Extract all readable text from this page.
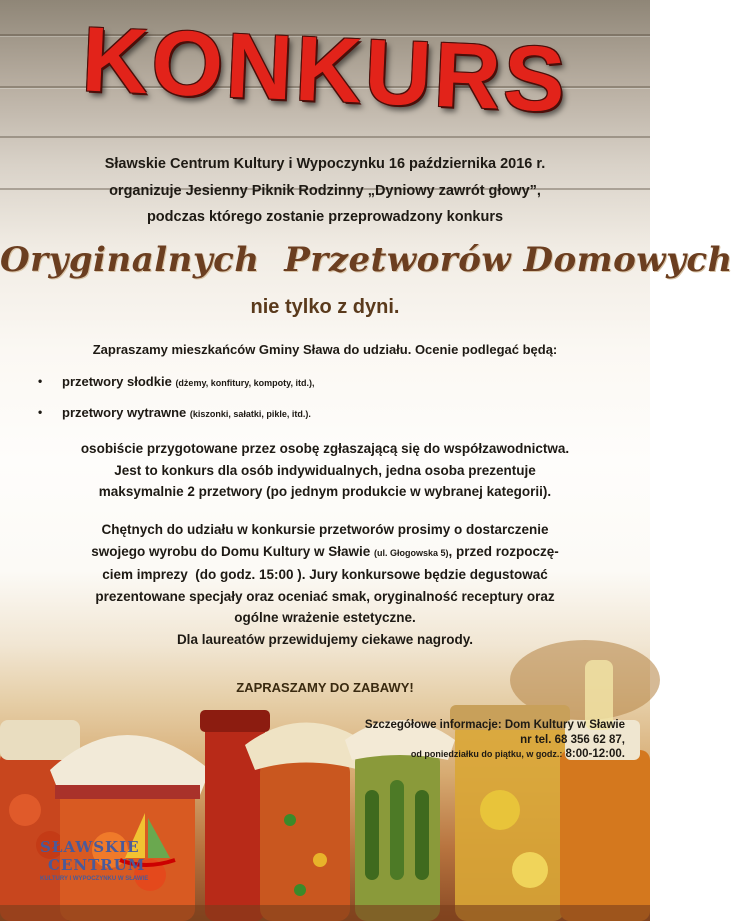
KONKURS
Sławskie Centrum Kultury i Wypoczynku 16 października 2016 r.
organizuje Jesienny Piknik Rodzinny „Dyniowy zawrót głowy”,
podczas którego zostanie przeprowadzony konkurs
Oryginalnych  Przetworów Domowych
nie tylko z dyni.
Zapraszamy mieszkańców Gminy Sława do udziału. Ocenie podlegać będą:
• przetwory słodkie (dżemy, konfitury, kompoty, itd.),
• przetwory wytrawne (kiszonki, sałatki, pikle, itd.).
osobiście przygotowane przez osobę zgłaszającą się do współzawodnictwa.
Jest to konkurs dla osób indywidualnych, jedna osoba prezentuje
maksymalnie 2 przetwory (po jednym produkcie w wybranej kategorii).
Chętnych do udziału w konkursie przetworów prosimy o dostarczenie
swojego wyrobu do Domu Kultury w Sławie (ul. Głogowska 5), przed rozpoczę-
ciem imprezy  (do godz. 15:00 ). Jury konkursowe będzie degustować
prezentowane specjały oraz oceniać smak, oryginalność receptury oraz
ogólne wrażenie estetyczne.
Dla laureatów przewidujemy ciekawe nagrody.
ZAPRASZAMY DO ZABAWY!
Szczegółowe informacje: Dom Kultury w Sławie
nr tel. 68 356 62 87,
od poniedziałku do piątku, w godz.: 8:00-12:00.
SŁAWSKIE
CENTRUM
KULTURY I WYPOCZYNKU W SŁAWIE
